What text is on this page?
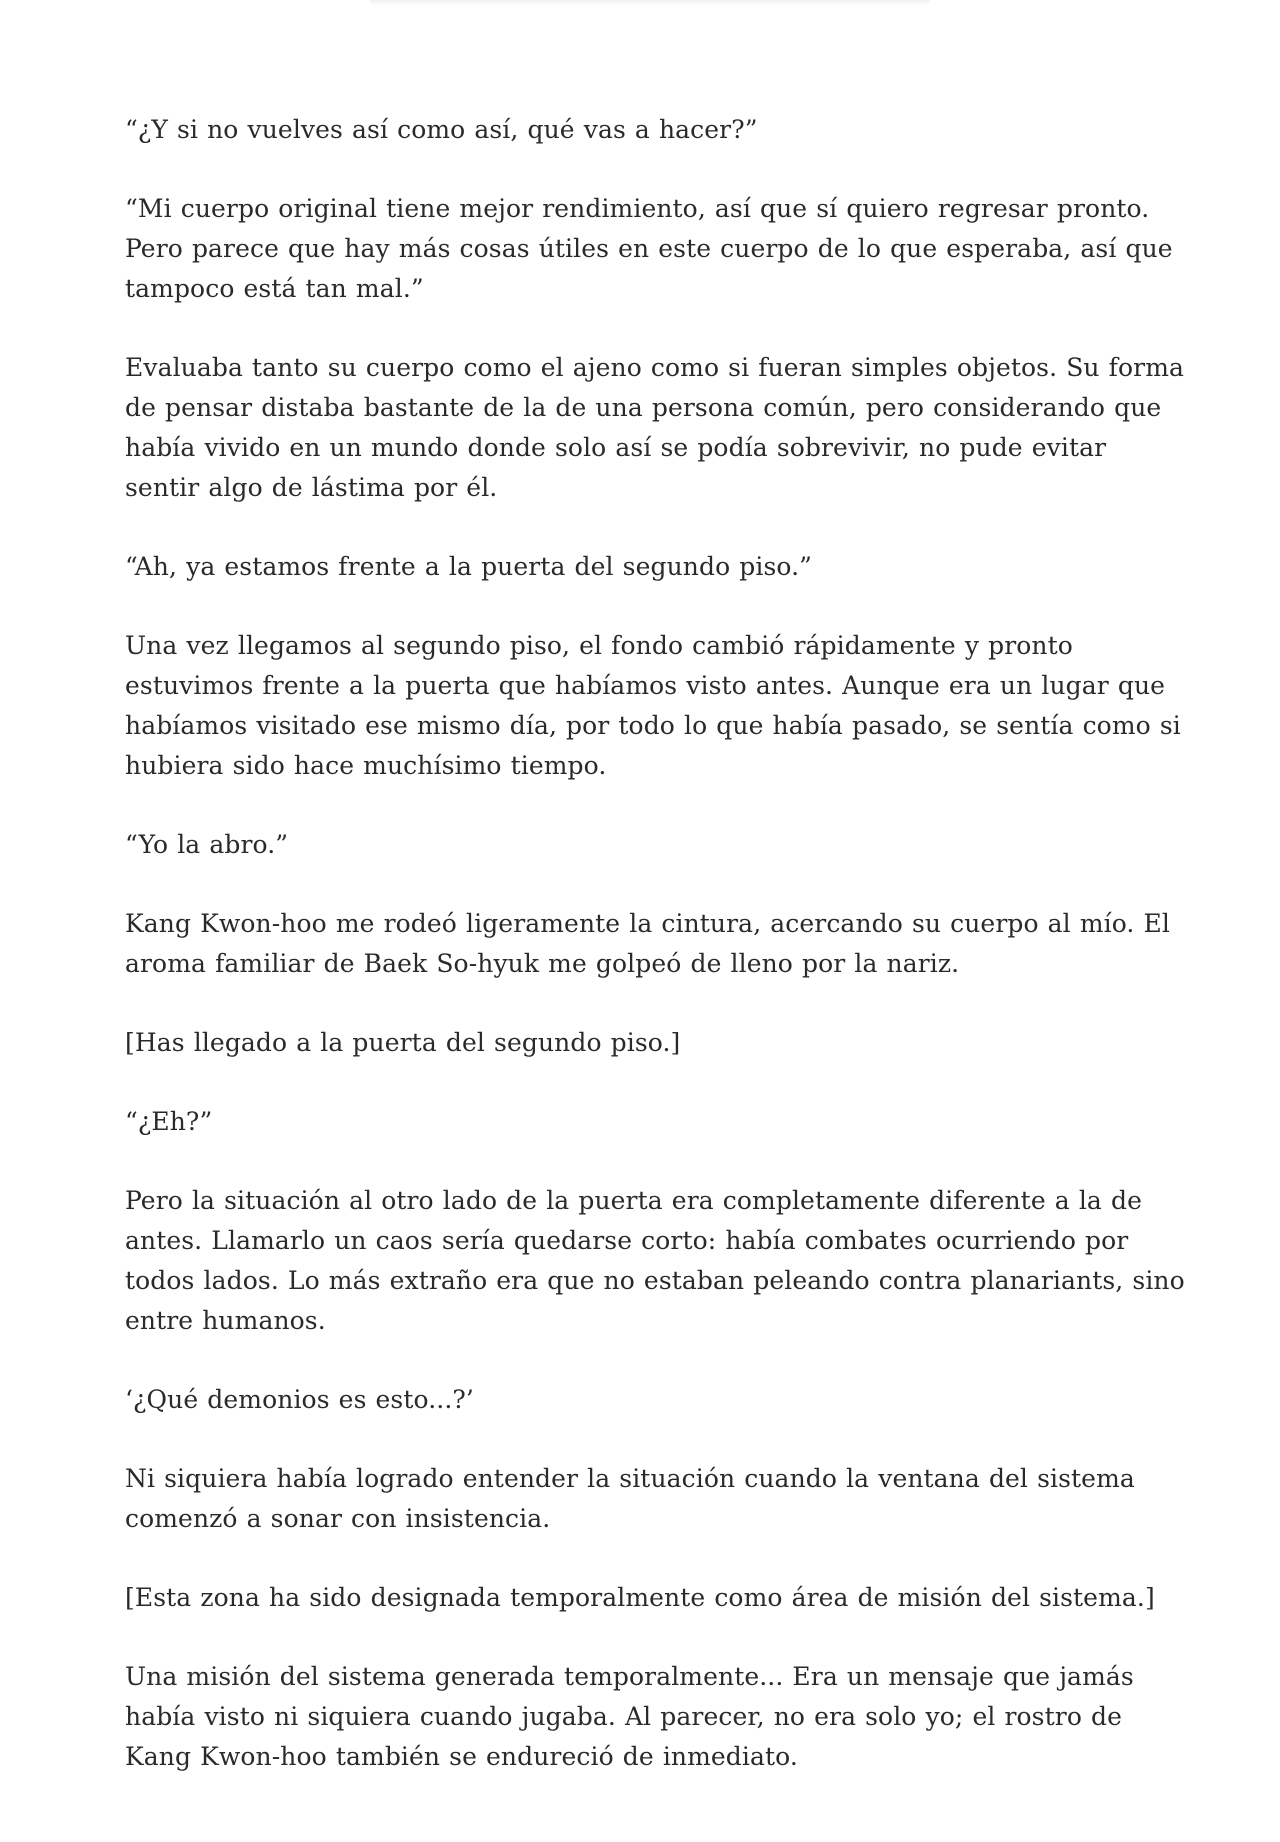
“¿Y si no vuelves así como así, qué vas a hacer?”

“Mi cuerpo original tiene mejor rendimiento, así que sí quiero regresar pronto. Pero parece que hay más cosas útiles en este cuerpo de lo que esperaba, así que tampoco está tan mal.”

Evaluaba tanto su cuerpo como el ajeno como si fueran simples objetos. Su forma de pensar distaba bastante de la de una persona común, pero considerando que había vivido en un mundo donde solo así se podía sobrevivir, no pude evitar sentir algo de lástima por él.

“Ah, ya estamos frente a la puerta del segundo piso.”

Una vez llegamos al segundo piso, el fondo cambió rápidamente y pronto estuvimos frente a la puerta que habíamos visto antes. Aunque era un lugar que habíamos visitado ese mismo día, por todo lo que había pasado, se sentía como si hubiera sido hace muchísimo tiempo.

“Yo la abro.”

Kang Kwon-hoo me rodeó ligeramente la cintura, acercando su cuerpo al mío. El aroma familiar de Baek So-hyuk me golpeó de lleno por la nariz.

[Has llegado a la puerta del segundo piso.]

“¿Eh?”

Pero la situación al otro lado de la puerta era completamente diferente a la de antes. Llamarlo un caos sería quedarse corto: había combates ocurriendo por todos lados. Lo más extraño era que no estaban peleando contra planariants, sino entre humanos.

‘¿Qué demonios es esto...?’

Ni siquiera había logrado entender la situación cuando la ventana del sistema comenzó a sonar con insistencia.

[Esta zona ha sido designada temporalmente como área de misión del sistema.]

Una misión del sistema generada temporalmente... Era un mensaje que jamás había visto ni siquiera cuando jugaba. Al parecer, no era solo yo; el rostro de Kang Kwon-hoo también se endureció de inmediato.
